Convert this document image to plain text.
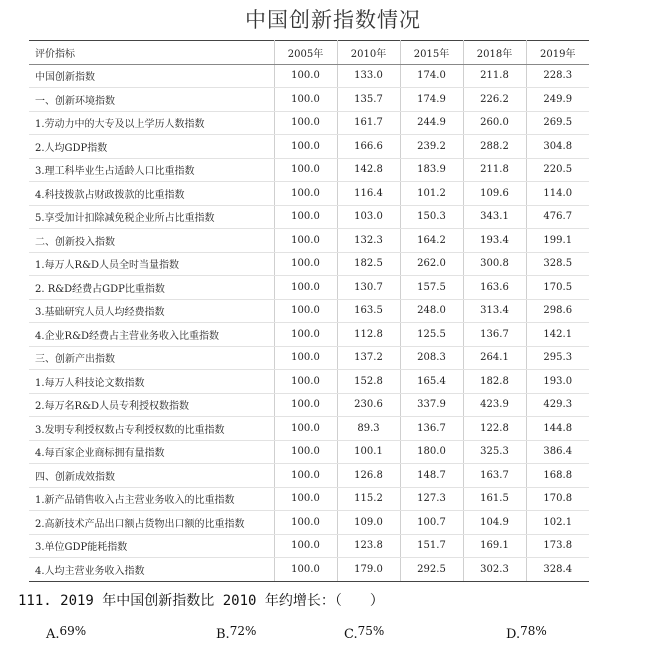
中国创新指数情况
评价指标	2005年	2010年	2015年	2018年	2019年
中国创新指数	100.0	133.0	174.0	211.8	228.3
一、创新环境指数	100.0	135.7	174.9	226.2	249.9
1.劳动力中的大专及以上学历人数指数	100.0	161.7	244.9	260.0	269.5
2.人均GDP指数	100.0	166.6	239.2	288.2	304.8
3.理工科毕业生占适龄人口比重指数	100.0	142.8	183.9	211.8	220.5
4.科技拨款占财政拨款的比重指数	100.0	116.4	101.2	109.6	114.0
5.享受加计扣除减免税企业所占比重指数	100.0	103.0	150.3	343.1	476.7
二、创新投入指数	100.0	132.3	164.2	193.4	199.1
1.每万人R&D人员全时当量指数	100.0	182.5	262.0	300.8	328.5
2. R&D经费占GDP比重指数	100.0	130.7	157.5	163.6	170.5
3.基础研究人员人均经费指数	100.0	163.5	248.0	313.4	298.6
4.企业R&D经费占主营业务收入比重指数	100.0	112.8	125.5	136.7	142.1
三、创新产出指数	100.0	137.2	208.3	264.1	295.3
1.每万人科技论文数指数	100.0	152.8	165.4	182.8	193.0
2.每万名R&D人员专利授权数指数	100.0	230.6	337.9	423.9	429.3
3.发明专利授权数占专利授权数的比重指数	100.0	89.3	136.7	122.8	144.8
4.每百家企业商标拥有量指数	100.0	100.1	180.0	325.3	386.4
四、创新成效指数	100.0	126.8	148.7	163.7	168.8
1.新产品销售收入占主营业务收入的比重指数	100.0	115.2	127.3	161.5	170.8
2.高新技术产品出口额占货物出口额的比重指数	100.0	109.0	100.7	104.9	102.1
3.单位GDP能耗指数	100.0	123.8	151.7	169.1	173.8
4.人均主营业务收入指数	100.0	179.0	292.5	302.3	328.4
111. 2019 年中国创新指数比 2010 年约增长：（　　）
A.69%	B.72%	C.75%	D.78%
